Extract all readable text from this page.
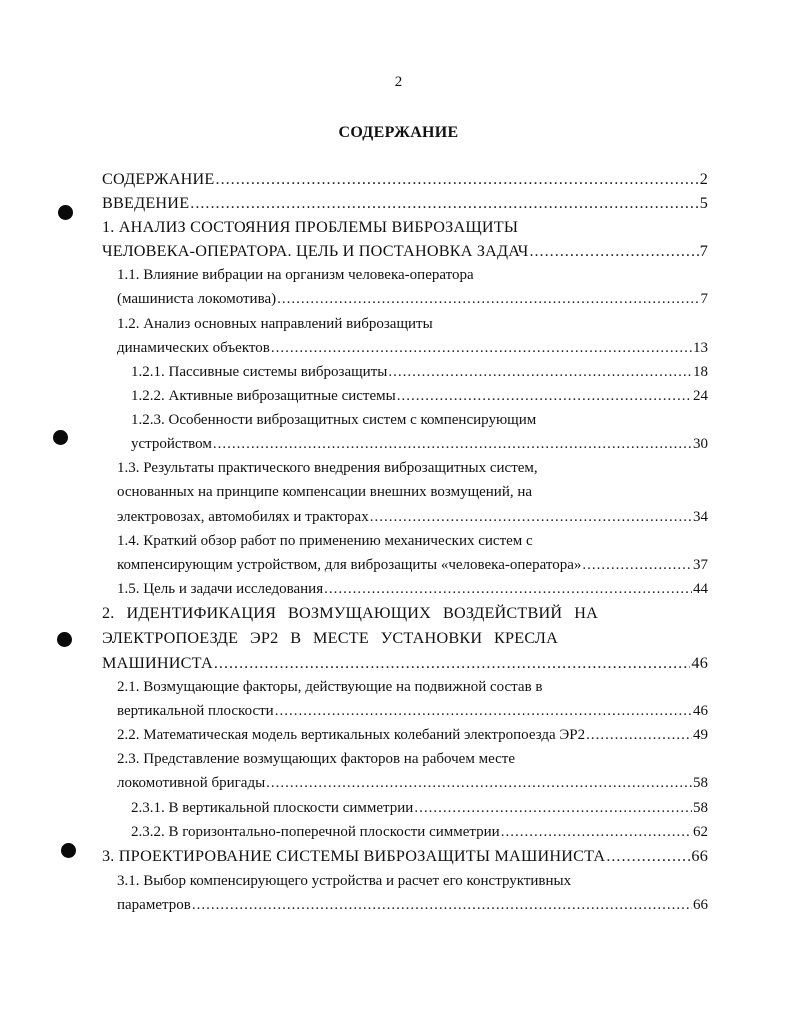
2
СОДЕРЖАНИЕ
СОДЕРЖАНИЕ .....	2
ВВЕДЕНИЕ .....	5
1. АНАЛИЗ СОСТОЯНИЯ ПРОБЛЕМЫ ВИБРОЗАЩИТЫ
ЧЕЛОВЕКА-ОПЕРАТОРА. ЦЕЛЬ И ПОСТАНОВКА ЗАДАЧ .....	7
1.1. Влияние вибрации на организм человека-оператора
(машиниста локомотива) .....	7
1.2. Анализ основных направлений виброзащиты
динамических объектов .....	13
1.2.1. Пассивные системы виброзащиты .....	18
1.2.2. Активные виброзащитные системы .....	24
1.2.3. Особенности виброзащитных систем с компенсирующим
устройством .....	30
1.3. Результаты практического внедрения виброзащитных систем,
основанных на принципе компенсации внешних возмущений, на
электровозах, автомобилях и тракторах .....	34
1.4. Краткий обзор работ по применению механических систем с
компенсирующим устройством, для виброзащиты «человека-оператора» .....	37
1.5. Цель и задачи исследования .....	44
2. ИДЕНТИФИКАЦИЯ ВОЗМУЩАЮЩИХ ВОЗДЕЙСТВИЙ НА
ЭЛЕКТРОПОЕЗДЕ ЭР2 В МЕСТЕ УСТАНОВКИ КРЕСЛА
МАШИНИСТА .....	46
2.1. Возмущающие факторы, действующие на подвижной состав в
вертикальной плоскости .....	46
2.2. Математическая модель вертикальных колебаний электропоезда ЭР2 .....	49
2.3. Представление возмущающих факторов на рабочем месте
локомотивной бригады .....	58
2.3.1. В вертикальной плоскости симметрии .....	58
2.3.2. В горизонтально-поперечной плоскости симметрии .....	62
3. ПРОЕКТИРОВАНИЕ СИСТЕМЫ ВИБРОЗАЩИТЫ МАШИНИСТА .....	66
3.1. Выбор компенсирующего устройства и расчет его конструктивных
параметров .....	66
